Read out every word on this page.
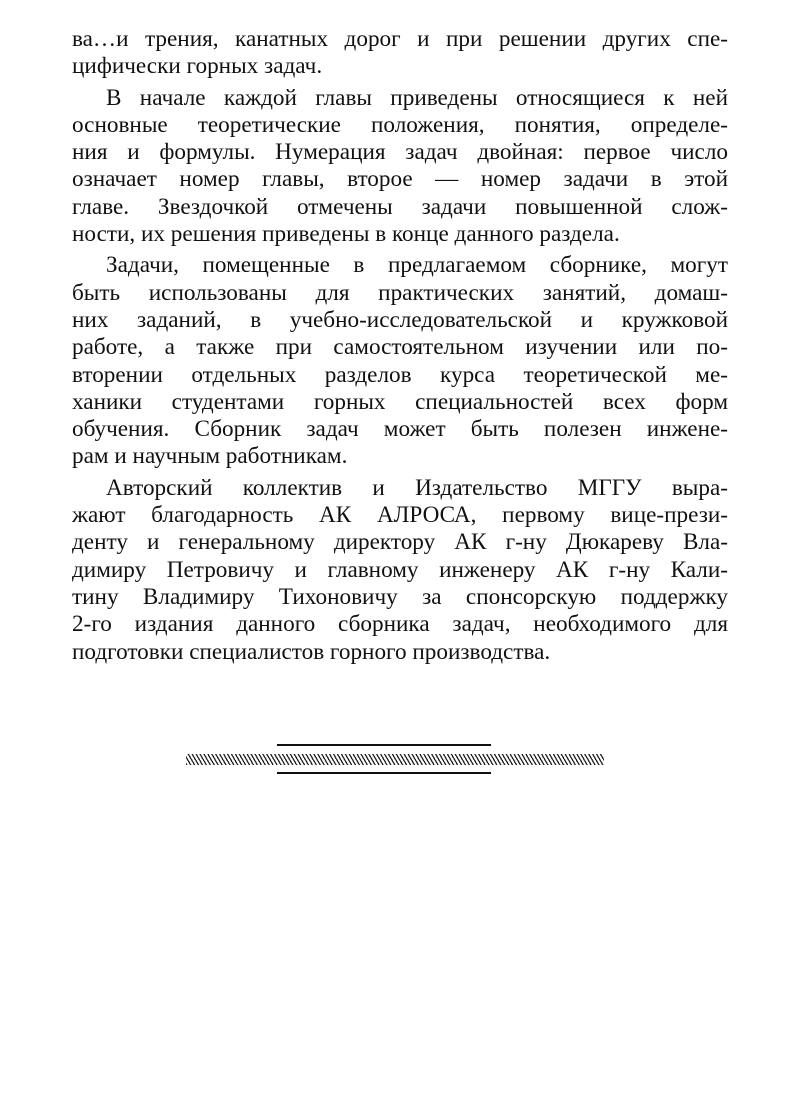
ва…и трения, канатных дорог и при решении других спе-
цифически горных задач.

В начале каждой главы приведены относящиеся к ней
основные теоретические положения, понятия, определе-
ния и формулы. Нумерация задач двойная: первое число
означает номер главы, второе — номер задачи в этой
главе. Звездочкой отмечены задачи повышенной слож-
ности, их решения приведены в конце данного раздела.

Задачи, помещенные в предлагаемом сборнике, могут
быть использованы для практических занятий, домаш-
них заданий, в учебно-исследовательской и кружковой
работе, а также при самостоятельном изучении или по-
вторении отдельных разделов курса теоретической ме-
ханики студентами горных специальностей всех форм
обучения. Сборник задач может быть полезен инжене-
рам и научным работникам.

Авторский коллектив и Издательство МГГУ выра-
жают благодарность АК АЛРОСА, первому вице-прези-
денту и генеральному директору АК г-ну Дюкареву Вла-
димиру Петровичу и главному инженеру АК г-ну Кали-
тину Владимиру Тихоновичу за спонсорскую поддержку
2-го издания данного сборника задач, необходимого для
подготовки специалистов горного производства.
